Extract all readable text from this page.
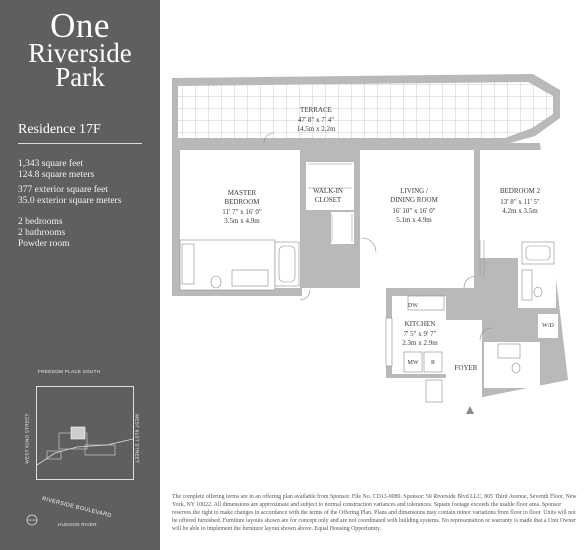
One
Riverside
Park
Residence 17F
1,343 square feet
124.8 square meters
377 exterior square feet
35.0 exterior square meters
2 bedrooms
2 bathrooms
Powder room
FREEDOM PLACE SOUTH
WEST 62ND STREET	WEST 61ST STREET
RIVERSIDE BOULEVARD
HUDSON RIVER
TERRACE
47' 8" x 7' 4"
14.5m x 2.2m
MASTER
BEDROOM
11' 7" x 16' 0"
3.5m x 4.9m
WALK-IN
CLOSET
LIVING /
DINING ROOM
16' 10" x 16' 0"
5.1m x 4.9m
BEDROOM 2
13' 8" x 11' 5"
4.2m x 3.5m
KITCHEN
7' 5" x 9' 7"
2.3m x 2.9m
FOYER
DW
MW R
W/D
The complete offering terms are in an offering plan available from Sponsor. File No. CD13-0089. Sponsor: 50 Riverside Blvd LLC, 805 Third Avenue, Seventh Floor, New York, NY 10022. All dimensions are approximate and subject to normal construction variances and tolerances. Square footage exceeds the usable floor area. Sponsor reserves the right to make changes in accordance with the terms of the Offering Plan. Plans and dimensions may contain minor variations from floor to floor. Units will not be offered furnished. Furniture layouts shown are for concept only and are not coordinated with building systems. No representation or warranty is made that a Unit Owner will be able to implement the furniture layout shown above. Equal Housing Opportunity.
